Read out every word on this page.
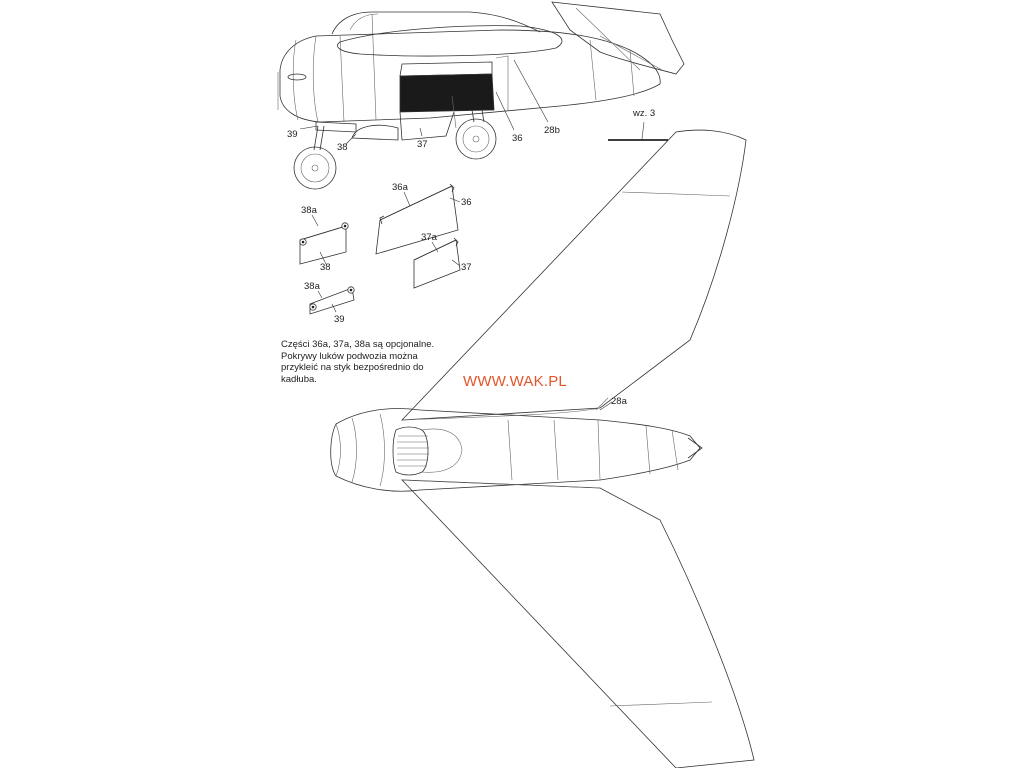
39
38	37
36
28b
wz. 3
38a
38
36a
36
37a
37
38a
39
28a
Części 36a, 37a, 38a są opcjonalne.
Pokrywy luków podwozia można
przykleić na styk bezpośrednio do
kadłuba.	WWW.WAK.PL
